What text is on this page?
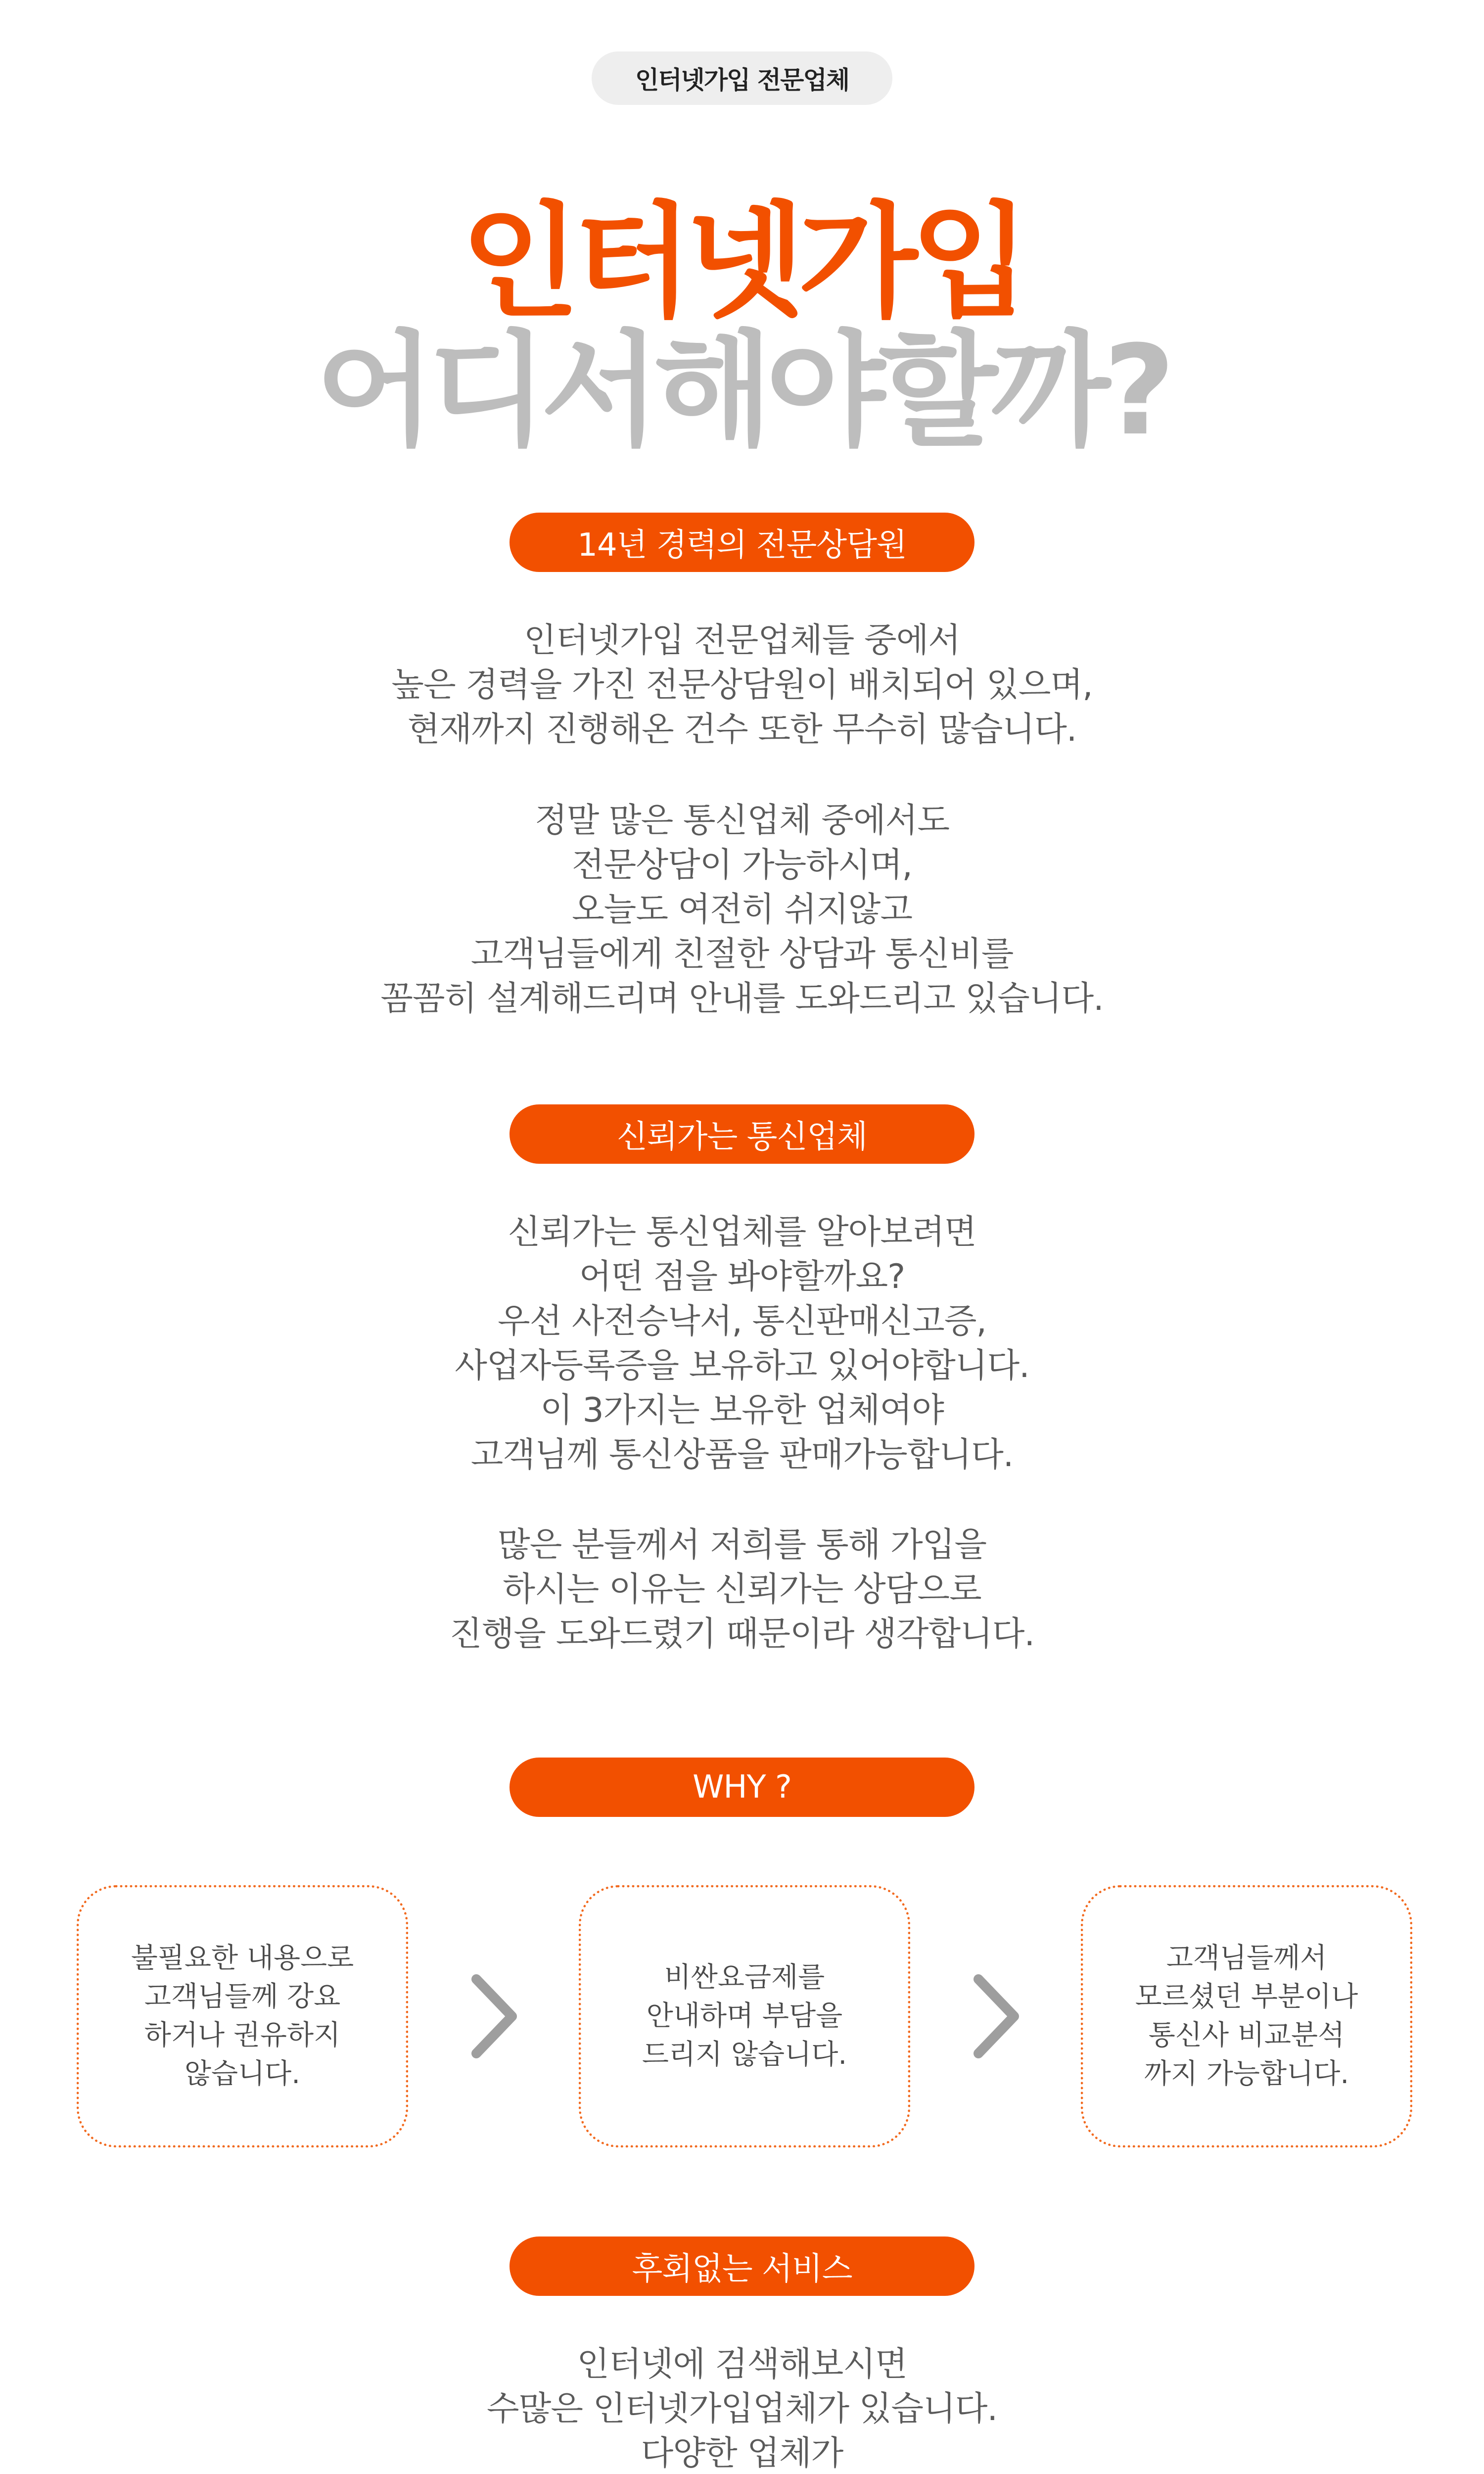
인터넷가입 전문업체
인터넷가입
어디서해야할까?
14년 경력의 전문상담원

인터넷가입 전문업체들 중에서
높은 경력을 가진 전문상담원이 배치되어 있으며,
현재까지 진행해온 건수 또한 무수히 많습니다.

정말 많은 통신업체 중에서도
전문상담이 가능하시며,
오늘도 여전히 쉬지않고
고객님들에게 친절한 상담과 통신비를
꼼꼼히 설계해드리며 안내를 도와드리고 있습니다.

신뢰가는 통신업체

신뢰가는 통신업체를 알아보려면
어떤 점을 봐야할까요?
우선 사전승낙서, 통신판매신고증,
사업자등록증을 보유하고 있어야합니다.
이 3가지는 보유한 업체여야
고객님께 통신상품을 판매가능합니다.

많은 분들께서 저희를 통해 가입을
하시는 이유는 신뢰가는 상담으로
진행을 도와드렸기 때문이라 생각합니다.

WHY ?
불필요한 내용으로
고객님들께 강요
하거나 권유하지
않습니다.
비싼요금제를
안내하며 부담을
드리지 않습니다.
고객님들께서
모르셨던 부분이나
통신사 비교분석
까지 가능합니다.
후회없는 서비스

인터넷에 검색해보시면
수많은 인터넷가입업체가 있습니다.
다양한 업체가
